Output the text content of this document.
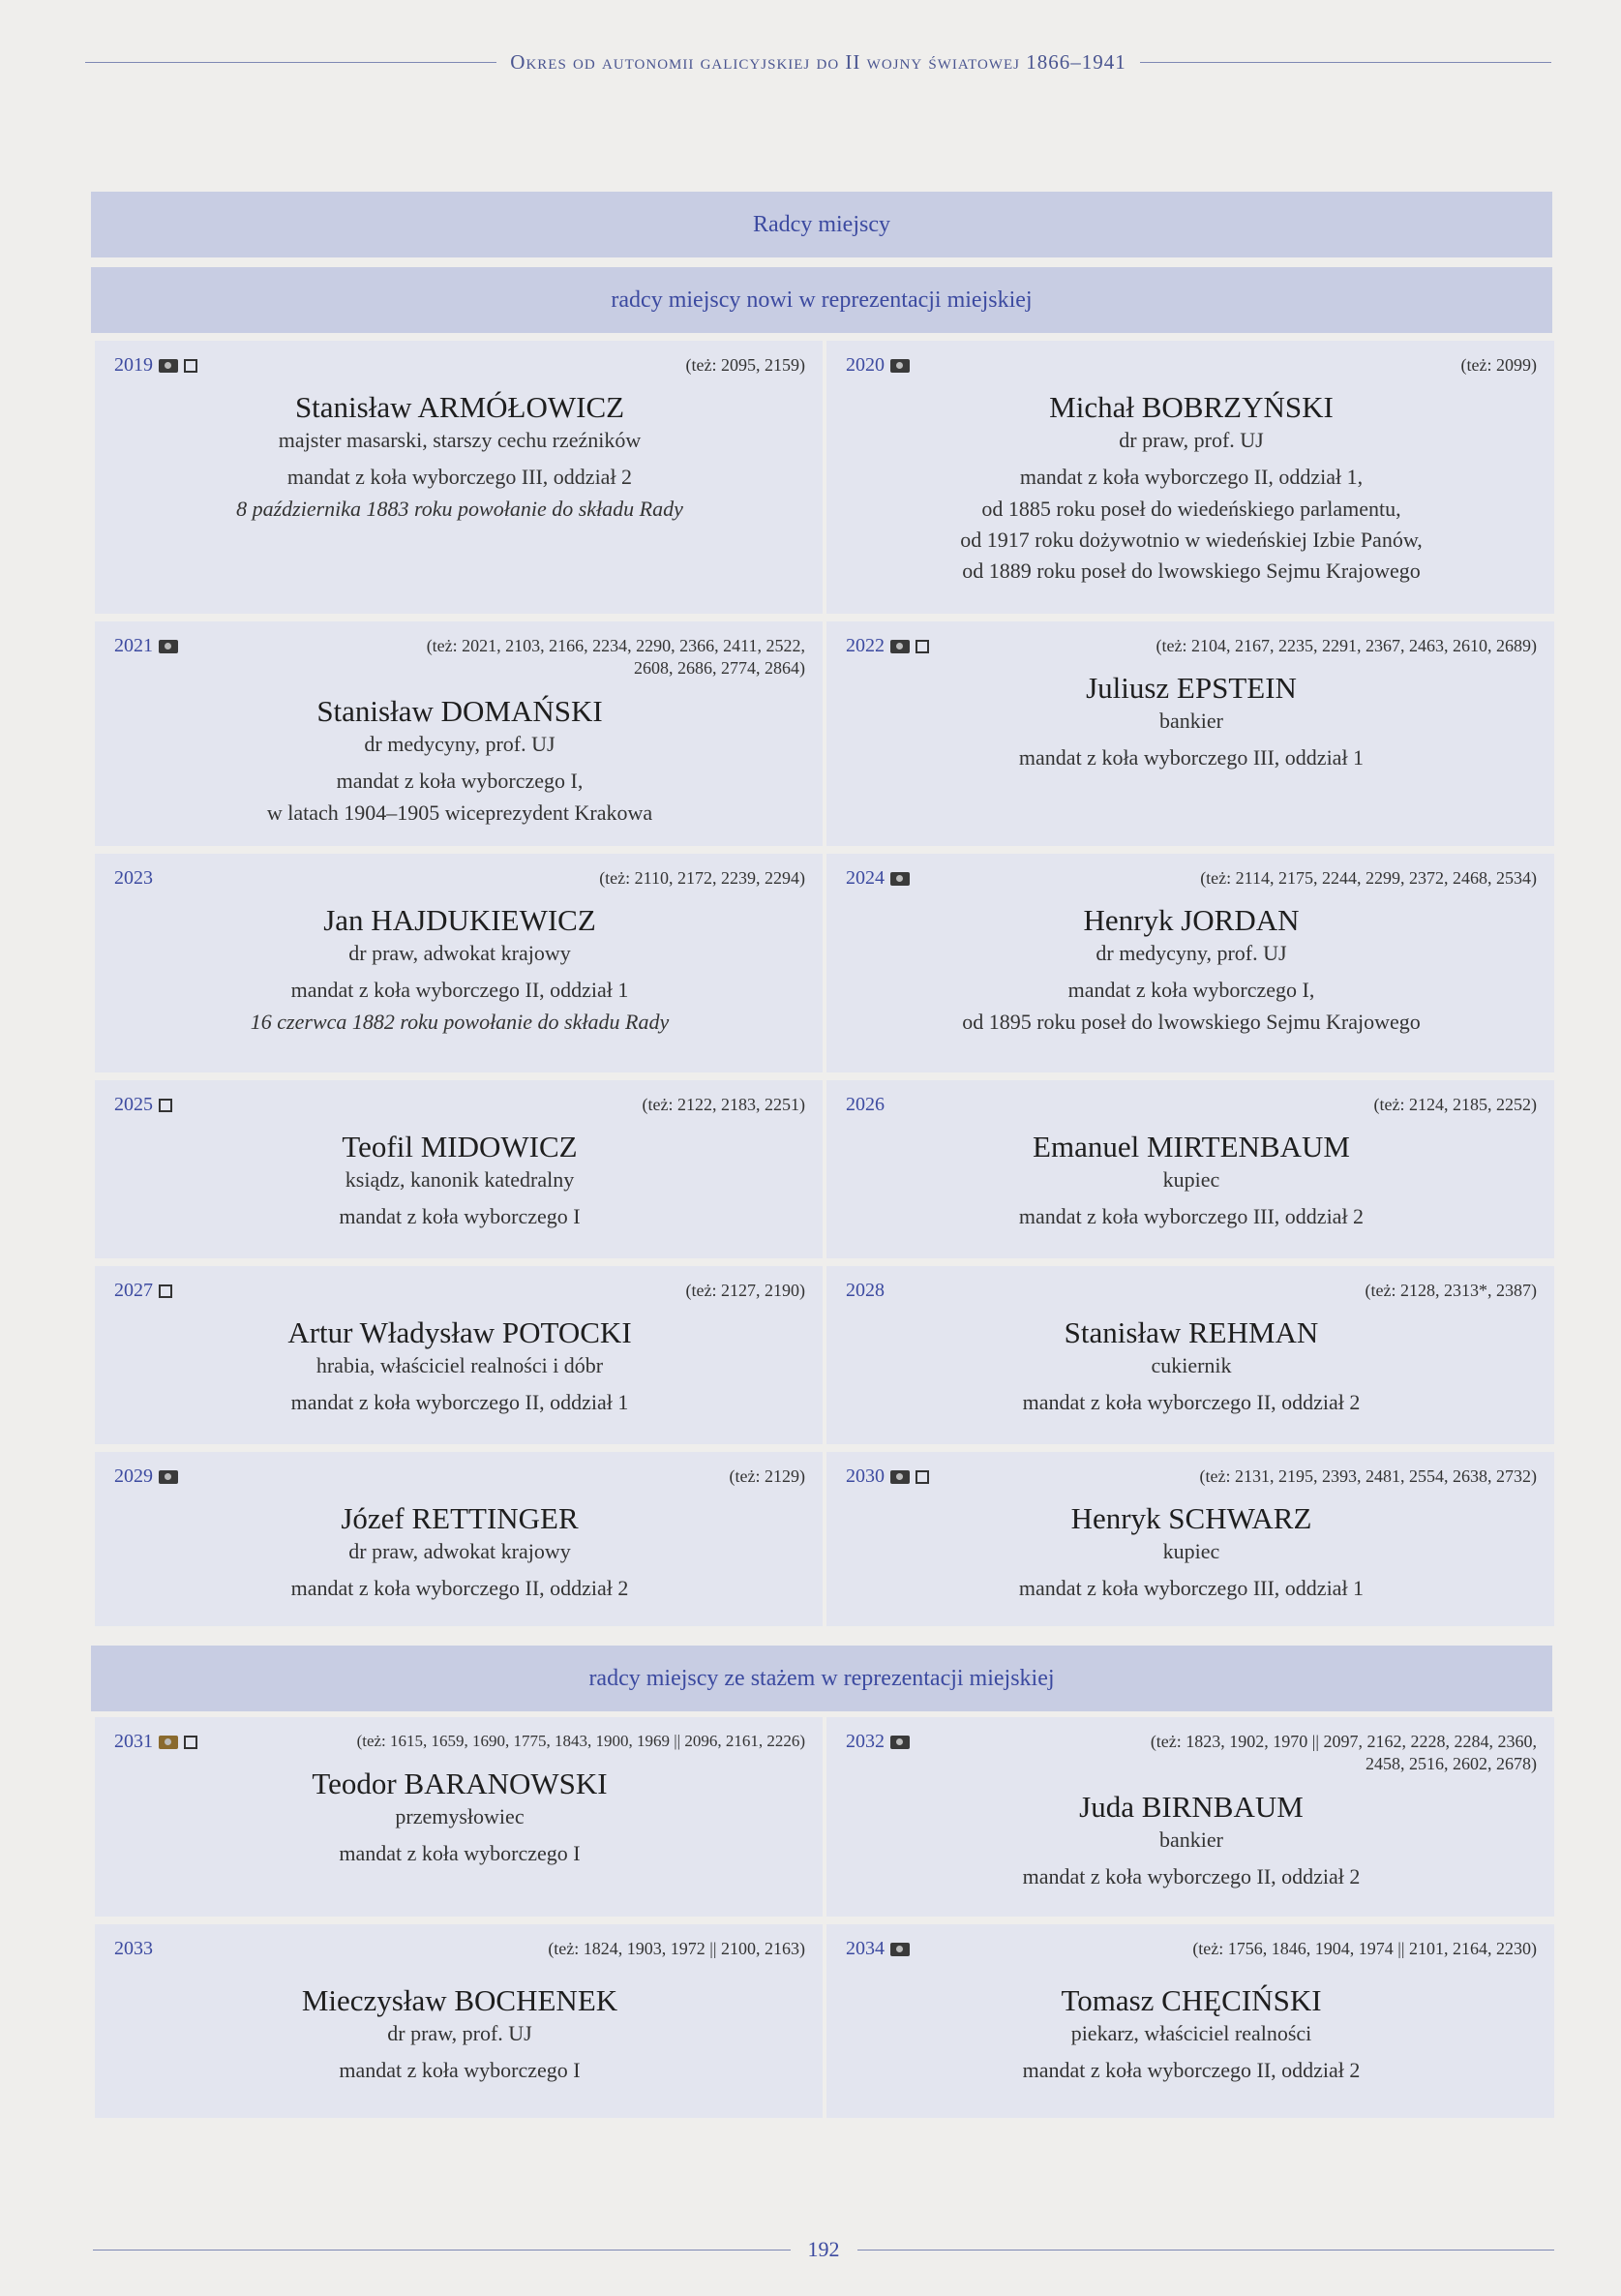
Okres od autonomii galicyjskiej do II wojny światowej 1866–1941
Radcy miejscy
radcy miejscy nowi w reprezentacji miejskiej
2019	(też: 2095, 2159)
Stanisław ARMÓŁOWICZ
majster masarski, starszy cechu rzeźników
mandat z koła wyborczego III, oddział 2
8 października 1883 roku powołanie do składu Rady
2020	(też: 2099)
Michał BOBRZYŃSKI
dr praw, prof. UJ
mandat z koła wyborczego II, oddział 1,
od 1885 roku poseł do wiedeńskiego parlamentu,
od 1917 roku dożywotnio w wiedeńskiej Izbie Panów,
od 1889 roku poseł do lwowskiego Sejmu Krajowego
2021	(też: 2021, 2103, 2166, 2234, 2290, 2366, 2411, 2522, 2608, 2686, 2774, 2864)
Stanisław DOMAŃSKI
dr medycyny, prof. UJ
mandat z koła wyborczego I,
w latach 1904–1905 wiceprezydent Krakowa
2022	(też: 2104, 2167, 2235, 2291, 2367, 2463, 2610, 2689)
Juliusz EPSTEIN
bankier
mandat z koła wyborczego III, oddział 1
2023	(też: 2110, 2172, 2239, 2294)
Jan HAJDUKIEWICZ
dr praw, adwokat krajowy
mandat z koła wyborczego II, oddział 1
16 czerwca 1882 roku powołanie do składu Rady
2024	(też: 2114, 2175, 2244, 2299, 2372, 2468, 2534)
Henryk JORDAN
dr medycyny, prof. UJ
mandat z koła wyborczego I,
od 1895 roku poseł do lwowskiego Sejmu Krajowego
2025	(też: 2122, 2183, 2251)
Teofil MIDOWICZ
ksiądz, kanonik katedralny
mandat z koła wyborczego I
2026	(też: 2124, 2185, 2252)
Emanuel MIRTENBAUM
kupiec
mandat z koła wyborczego III, oddział 2
2027	(też: 2127, 2190)
Artur Władysław POTOCKI
hrabia, właściciel realności i dóbr
mandat z koła wyborczego II, oddział 1
2028	(też: 2128, 2313*, 2387)
Stanisław REHMAN
cukiernik
mandat z koła wyborczego II, oddział 2
2029	(też: 2129)
Józef RETTINGER
dr praw, adwokat krajowy
mandat z koła wyborczego II, oddział 2
2030	(też: 2131, 2195, 2393, 2481, 2554, 2638, 2732)
Henryk SCHWARZ
kupiec
mandat z koła wyborczego III, oddział 1
radcy miejscy ze stażem w reprezentacji miejskiej
2031	(też: 1615, 1659, 1690, 1775, 1843, 1900, 1969 || 2096, 2161, 2226)
Teodor BARANOWSKI
przemysłowiec
mandat z koła wyborczego I
2032	(też: 1823, 1902, 1970 || 2097, 2162, 2228, 2284, 2360, 2458, 2516, 2602, 2678)
Juda BIRNBAUM
bankier
mandat z koła wyborczego II, oddział 2
2033	(też: 1824, 1903, 1972 || 2100, 2163)
Mieczysław BOCHENEK
dr praw, prof. UJ
mandat z koła wyborczego I
2034	(też: 1756, 1846, 1904, 1974 || 2101, 2164, 2230)
Tomasz CHĘCIŃSKI
piekarz, właściciel realności
mandat z koła wyborczego II, oddział 2
192
